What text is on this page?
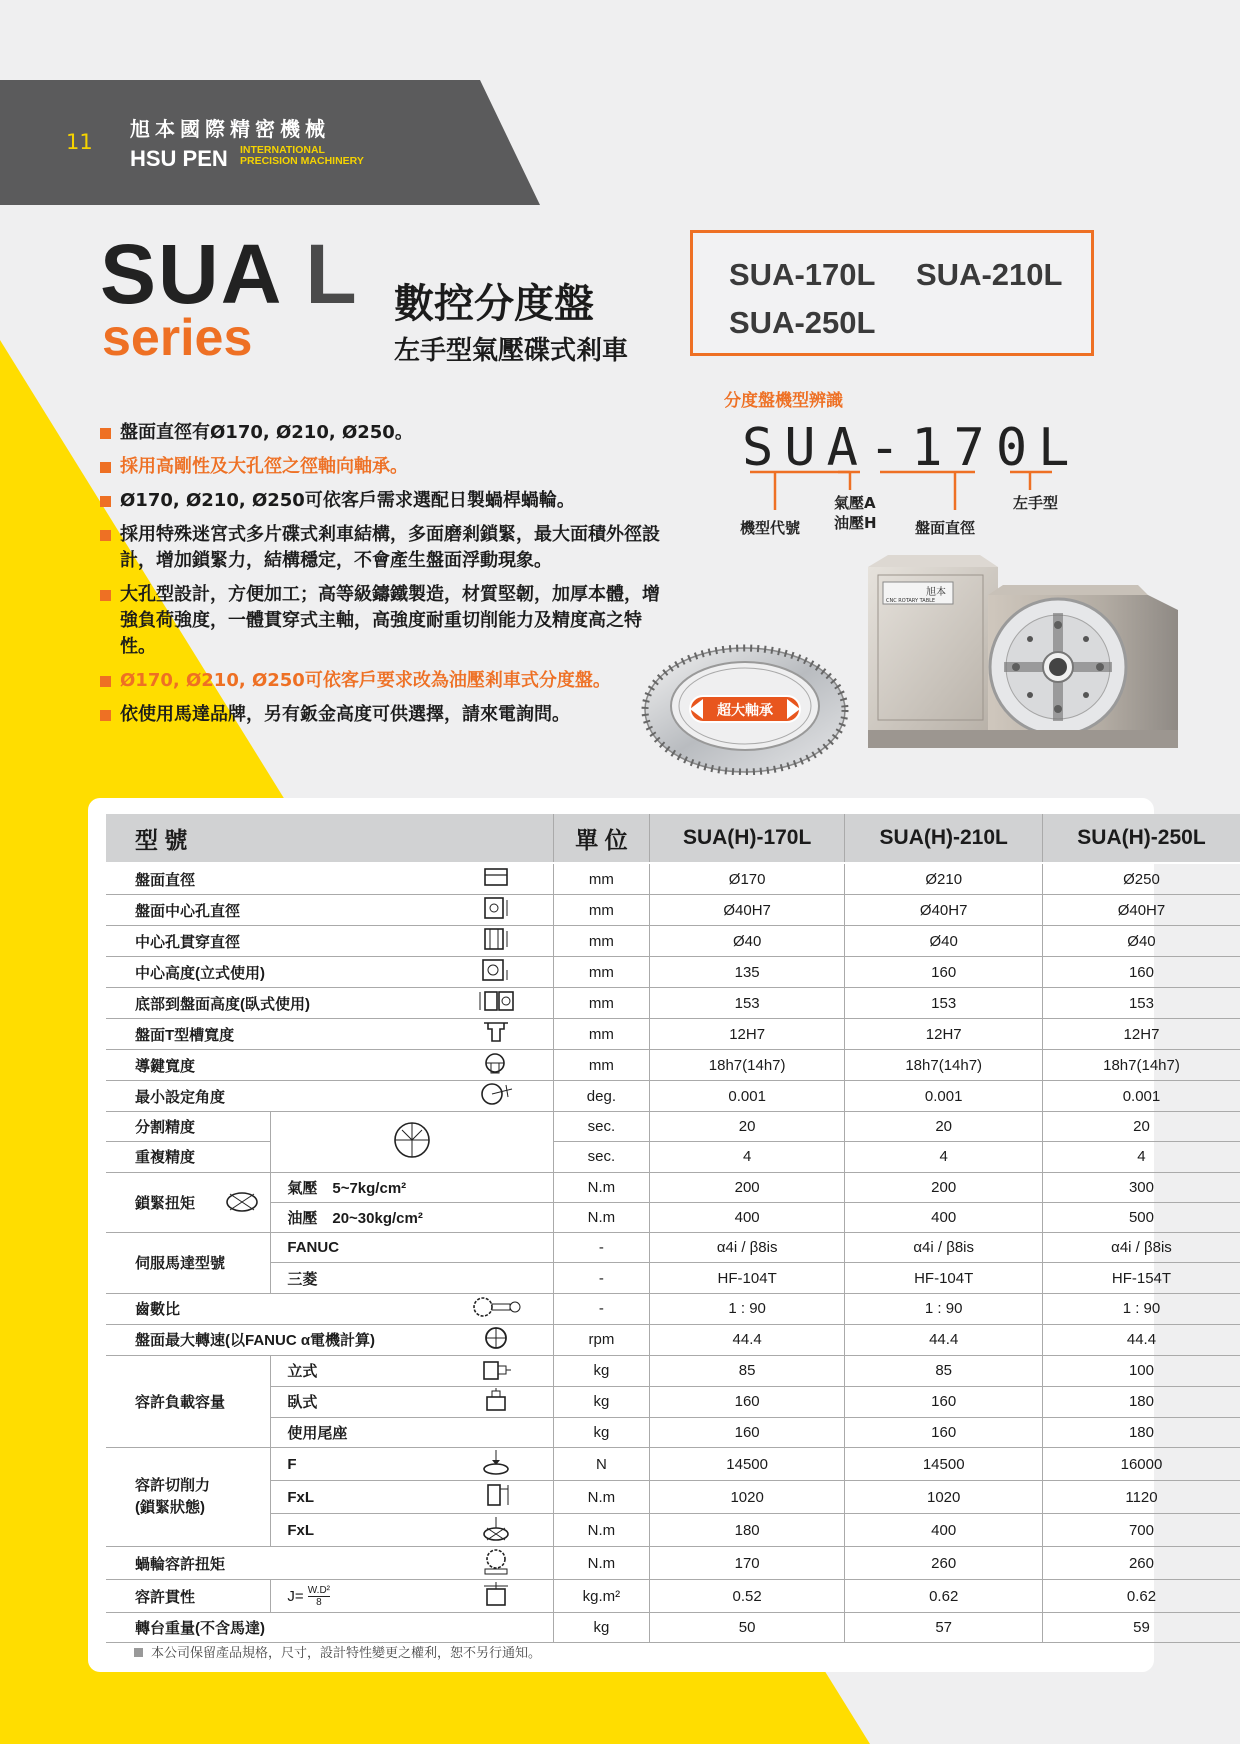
11
旭本國際精密機械
HSU PEN INTERNATIONAL
PRECISION MACHINERY
SUA L
series
數控分度盤
左手型氣壓碟式剎車
SUA-170L SUA-210L
SUA-250L
分度盤機型辨識
SUA-170L
機型代號
氣壓A
油壓H	盤面直徑
左手型
盤面直徑有Ø170, Ø210, Ø250。
採用高剛性及大孔徑之徑軸向軸承。
Ø170, Ø210, Ø250可依客戶需求選配日製蝸桿蝸輪。
採用特殊迷宮式多片碟式剎車結構，多面磨剎鎖緊，最大面積外徑設計，增加鎖緊力，結構穩定，不會產生盤面浮動現象。
大孔型設計，方便加工；高等級鑄鐵製造，材質堅韌，加厚本體，增強負荷強度，一體貫穿式主軸，高強度耐重切削能力及精度高之特性。
Ø170, Ø210, Ø250可依客戶要求改為油壓剎車式分度盤。
依使用馬達品牌，另有鈑金高度可供選擇，請來電詢問。	超大軸承
旭本
CNC ROTARY TABLE
型 號			單 位	SUA(H)-170L	SUA(H)-210L	SUA(H)-250L
盤面直徑			mm	Ø170	Ø210	Ø250
盤面中心孔直徑			mm	Ø40H7	Ø40H7	Ø40H7
中心孔貫穿直徑			mm	Ø40	Ø40	Ø40
中心高度(立式使用)			mm	135	160	160
底部到盤面高度(臥式使用)			mm	153	153	153
盤面T型槽寬度			mm	12H7	12H7	12H7
導鍵寬度			mm	18h7(14h7)	18h7(14h7)	18h7(14h7)
最小設定角度			deg.	0.001	0.001	0.001
分割精度			sec.	20	20	20
重複精度			sec.	4	4	4
鎖緊扭矩	氣壓　5~7kg/cm²		N.m	200	200	300
	油壓　20~30kg/cm²		N.m	400	400	500
伺服馬達型號	FANUC		-	α4i / β8is	α4i / β8is	α4i / β8is
	三菱		-	HF-104T	HF-104T	HF-154T
齒數比			-	1 : 90	1 : 90	1 : 90
盤面最大轉速(以FANUC α電機計算)			rpm	44.4	44.4	44.4
容許負載容量	立式		kg	85	85	100
	臥式		kg	160	160	180
	使用尾座		kg	160	160	180

容許切削力
(鎖緊狀態)	F		N	14500	14500	16000
	FxL		N.m	1020	1020	1120
	FxL		N.m	180	400	700
蝸輪容許扭矩			N.m	170	260	260
容許貫性	$J= \frac{\text{W.D²}}{8}$		kg.m²	0.52	0.62	0.62
轉台重量(不含馬達)			kg	50	57	59
本公司保留產品規格，尺寸，設計特性變更之權利，恕不另行通知。
